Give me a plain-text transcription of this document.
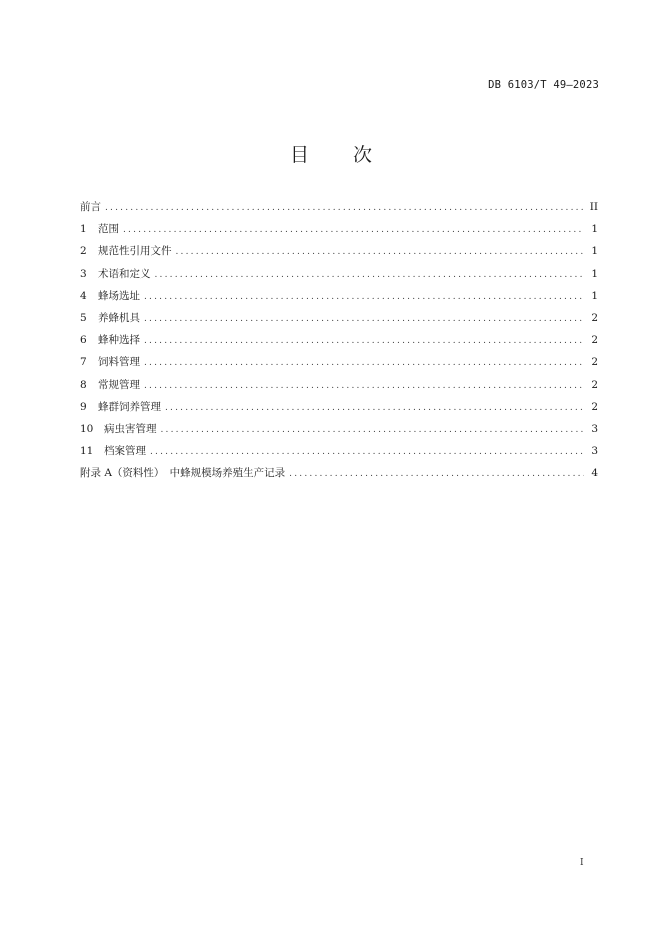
DB 6103/T 49—2023
目 次
前言 .....	II
1 范围 .....	1
2 规范性引用文件 .....	1
3 术语和定义 .....	1
4 蜂场选址 .....	1
5 养蜂机具 .....	2
6 蜂种选择 .....	2
7 饲料管理 .....	2
8 常规管理 .....	2
9 蜂群饲养管理 .....	2
10 病虫害管理 .....	3
11 档案管理 .....	3
附录 A（资料性）　中蜂规模场养殖生产记录 .....	4
I
